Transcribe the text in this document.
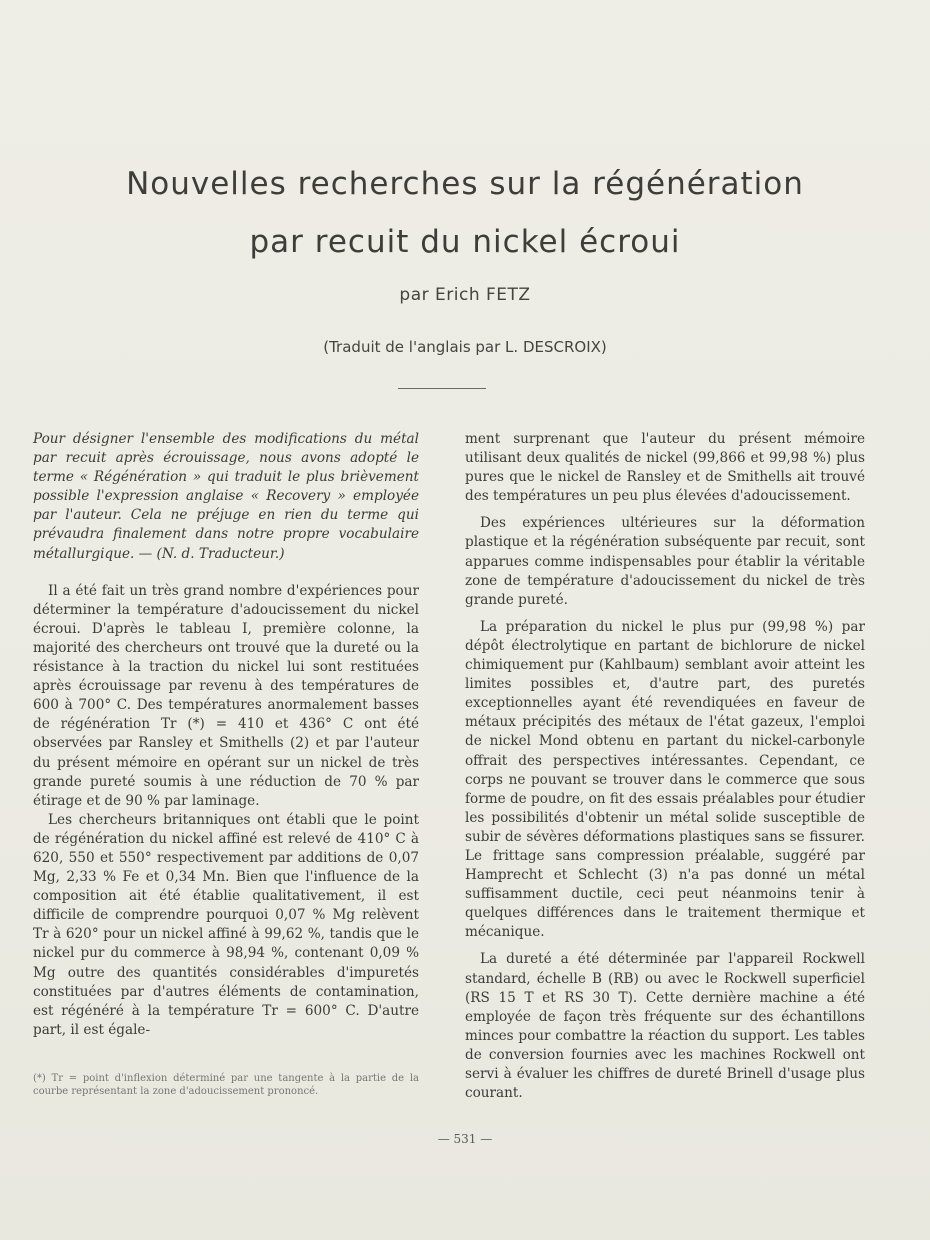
Nouvelles recherches sur la régénération
par recuit du nickel écroui
par Erich FETZ
(Traduit de l'anglais par L. DESCROIX)

Pour désigner l'ensemble des modifications du métal par recuit après écrouissage, nous avons adopté le terme « Régénération » qui traduit le plus brièvement possible l'expression anglaise « Recovery » employée par l'auteur. Cela ne préjuge en rien du terme qui prévaudra finalement dans notre propre vocabulaire métallurgique. — (N. d. Traducteur.)

Il a été fait un très grand nombre d'expériences pour déterminer la température d'adoucissement du nickel écroui. D'après le tableau I, première colonne, la majorité des chercheurs ont trouvé que la dureté ou la résistance à la traction du nickel lui sont restituées après écrouissage par revenu à des températures de 600 à 700° C. Des températures anormalement basses de régénération Tr (*) = 410 et 436° C ont été observées par Ransley et Smithells (2) et par l'auteur du présent mémoire en opérant sur un nickel de très grande pureté soumis à une réduction de 70 % par étirage et de 90 % par laminage.

Les chercheurs britanniques ont établi que le point de régénération du nickel affiné est relevé de 410° C à 620, 550 et 550° respectivement par additions de 0,07 Mg, 2,33 % Fe et 0,34 Mn. Bien que l'influence de la composition ait été établie qualitativement, il est difficile de comprendre pourquoi 0,07 % Mg relèvent Tr à 620° pour un nickel affiné à 99,62 %, tandis que le nickel pur du commerce à 98,94 %, contenant 0,09 % Mg outre des quantités considérables d'impuretés constituées par d'autres éléments de contamination, est régénéré à la température Tr = 600° C. D'autre part, il est égale-

(*) Tr = point d'inflexion déterminé par une tangente à la partie de la courbe représentant la zone d'adoucissement prononcé.

ment surprenant que l'auteur du présent mémoire utilisant deux qualités de nickel (99,866 et 99,98 %) plus pures que le nickel de Ransley et de Smithells ait trouvé des températures un peu plus élevées d'adoucissement.

Des expériences ultérieures sur la déformation plastique et la régénération subséquente par recuit, sont apparues comme indispensables pour établir la véritable zone de température d'adoucissement du nickel de très grande pureté.

La préparation du nickel le plus pur (99,98 %) par dépôt électrolytique en partant de bichlorure de nickel chimiquement pur (Kahlbaum) semblant avoir atteint les limites possibles et, d'autre part, des puretés exceptionnelles ayant été revendiquées en faveur de métaux précipités des métaux de l'état gazeux, l'emploi de nickel Mond obtenu en partant du nickel-carbonyle offrait des perspectives intéressantes. Cependant, ce corps ne pouvant se trouver dans le commerce que sous forme de poudre, on fit des essais préalables pour étudier les possibilités d'obtenir un métal solide susceptible de subir de sévères déformations plastiques sans se fissurer. Le frittage sans compression préalable, suggéré par Hamprecht et Schlecht (3) n'a pas donné un métal suffisamment ductile, ceci peut néanmoins tenir à quelques différences dans le traitement thermique et mécanique.

La dureté a été déterminée par l'appareil Rockwell standard, échelle B (RB) ou avec le Rockwell superficiel (RS 15 T et RS 30 T). Cette dernière machine a été employée de façon très fréquente sur des échantillons minces pour combattre la réaction du support. Les tables de conversion fournies avec les machines Rockwell ont servi à évaluer les chiffres de dureté Brinell d'usage plus courant.

— 531 —
